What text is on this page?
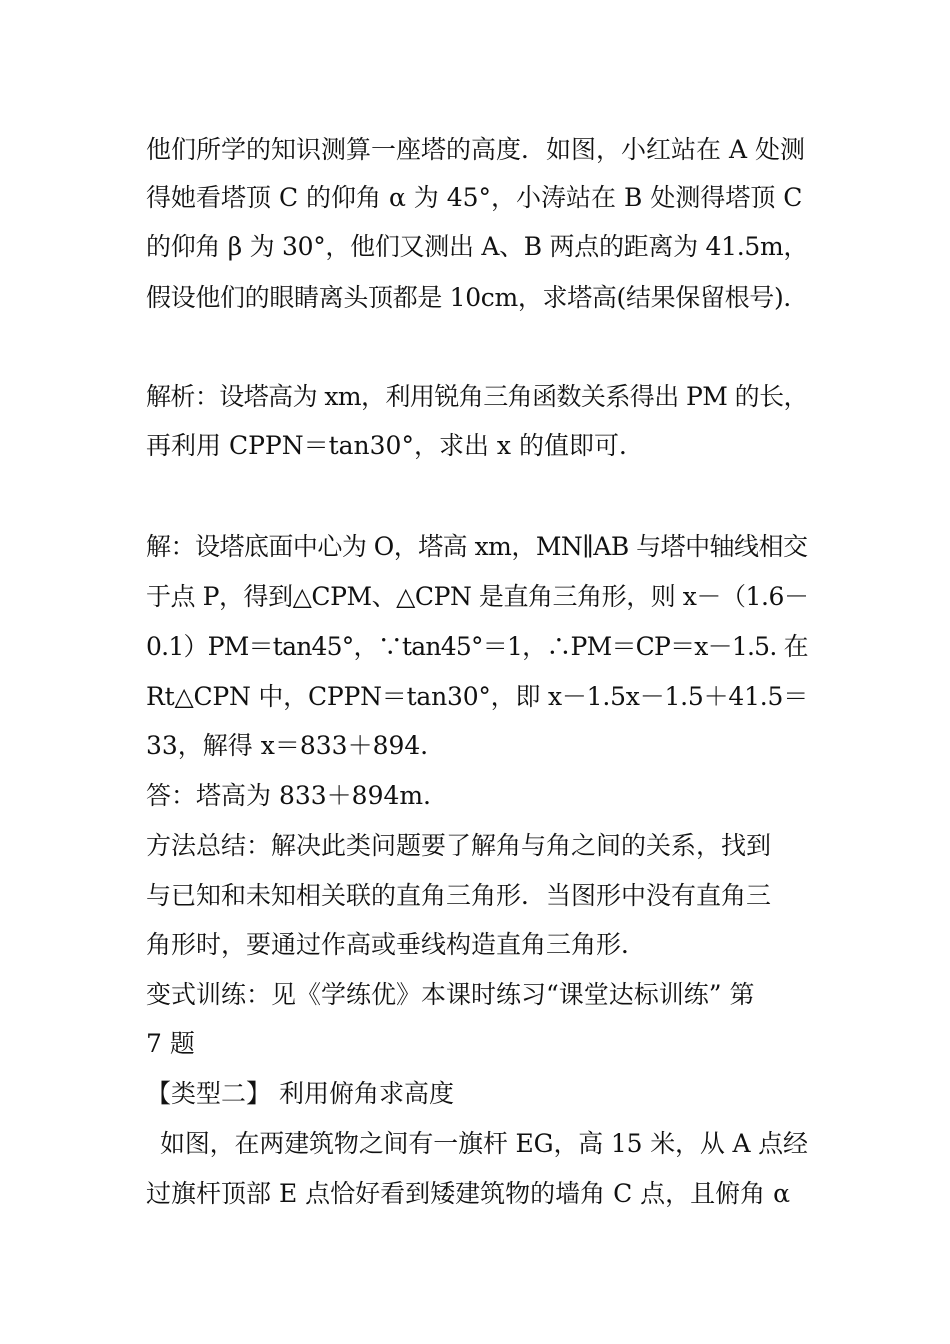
他们所学的知识测算一座塔的高度．如图，小红站在 A 处测
得她看塔顶 C 的仰角 α 为 45°，小涛站在 B 处测得塔顶 C
的仰角 β 为 30°，他们又测出 A、B 两点的距离为 41.5m，
假设他们的眼睛离头顶都是 10cm，求塔高(结果保留根号)．
解析：设塔高为 xm，利用锐角三角函数关系得出 PM 的长，
再利用 CPPN＝tan30°，求出 x 的值即可．
解：设塔底面中心为 O，塔高 xm，MN∥AB 与塔中轴线相交
于点 P，得到△CPM、△CPN 是直角三角形，则 x－（1.6－
0.1）PM＝tan45°，∵tan45°＝1，∴PM＝CP＝x－1.5. 在
Rt△CPN 中，CPPN＝tan30°，即 x－1.5x－1.5＋41.5＝
33，解得 x＝833＋894．
答：塔高为 833＋894m．
方法总结：解决此类问题要了解角与角之间的关系，找到
与已知和未知相关联的直角三角形．当图形中没有直角三
角形时，要通过作高或垂线构造直角三角形．
变式训练：见《学练优》本课时练习“课堂达标训练” 第
7 题
【类型二】 利用俯角求高度
如图，在两建筑物之间有一旗杆 EG，高 15 米，从 A 点经
过旗杆顶部 E 点恰好看到矮建筑物的墙角 C 点，且俯角 α
